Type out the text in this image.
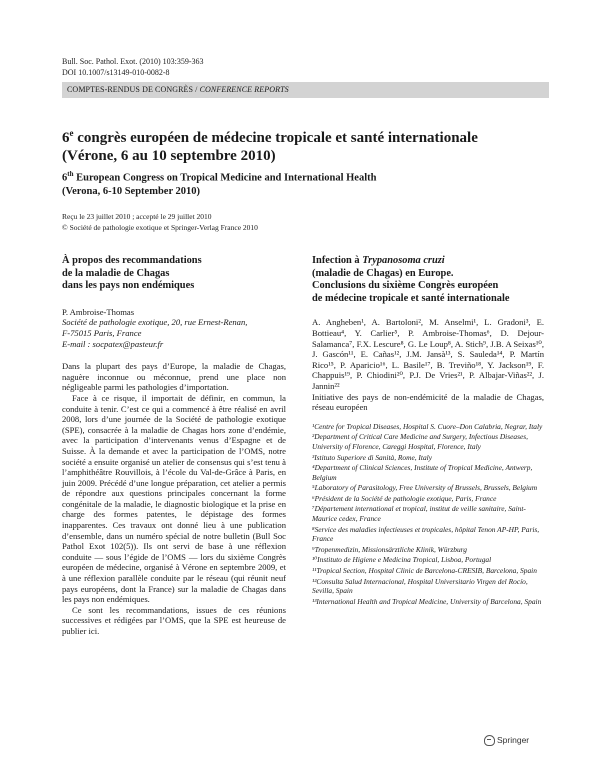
Bull. Soc. Pathol. Exot. (2010) 103:359-363
DOI 10.1007/s13149-010-0082-8
COMPTES-RENDUS DE CONGRÈS / CONFERENCE REPORTS
6e congrès européen de médecine tropicale et santé internationale
(Vérone, 6 au 10 septembre 2010)
6th European Congress on Tropical Medicine and International Health
(Verona, 6-10 September 2010)
Reçu le 23 juillet 2010 ; accepté le 29 juillet 2010
© Société de pathologie exotique et Springer-Verlag France 2010
À propos des recommandations
de la maladie de Chagas
dans les pays non endémiques
P. Ambroise-Thomas
Société de pathologie exotique, 20, rue Ernest-Renan,
F-75015 Paris, France
E-mail : socpatex@pasteur.fr

Dans la plupart des pays d’Europe, la maladie de Chagas, naguère inconnue ou méconnue, prend une place non négligeable parmi les pathologies d’importation.

Face à ce risque, il importait de définir, en commun, la conduite à tenir. C’est ce qui a commencé à être réalisé en avril 2008, lors d’une journée de la Société de pathologie exotique (SPE), consacrée à la maladie de Chagas hors zone d’endémie, avec la participation d’intervenants venus d’Espagne et de Suisse. À la demande et avec la participation de l’OMS, notre société a ensuite organisé un atelier de consensus qui s’est tenu à l’amphithéâtre Rouvillois, à l’école du Val-de-Grâce à Paris, en juin 2009. Précédé d’une longue préparation, cet atelier a permis de répondre aux questions principales concernant la forme congénitale de la maladie, le diagnostic biologique et la prise en charge des formes patentes, le dépistage des formes inapparentes. Ces travaux ont donné lieu à une publication d’ensemble, dans un numéro spécial de notre bulletin (Bull Soc Pathol Exot 102(5)). Ils ont servi de base à une réflexion conduite — sous l’égide de l’OMS — lors du sixième Congrès européen de médecine, organisé à Vérone en septembre 2009, et à une réflexion parallèle conduite par le réseau (qui réunit neuf pays européens, dont la France) sur la maladie de Chagas dans les pays non endémiques.

Ce sont les recommandations, issues de ces réunions successives et rédigées par l’OMS, que la SPE est heureuse de publier ici.

Infection à Trypanosoma cruzi
(maladie de Chagas) en Europe.
Conclusions du sixième Congrès européen
de médecine tropicale et santé internationale

A. Angheben¹, A. Bartoloni², M. Anselmi¹, L. Gradoni³, E. Bottieau⁴, Y. Carlier⁵, P. Ambroise-Thomas⁶, D. Dejour-Salamanca⁷, F.X. Lescure⁸, G. Le Loup⁸, A. Stich⁹, J.B. A Seixas¹⁰, J. Gascón¹¹, E. Cañas¹², J.M. Jansà¹³, S. Sauleda¹⁴, P. Martín Rico¹⁵, P. Aparicio¹⁶, L. Basile¹⁷, B. Treviño¹⁸, Y. Jackson¹⁹, F. Chappuis¹⁹, P. Chiodini²⁰, P.J. De Vries²¹, P. Albajar-Viñas²², J. Jannin²²

Initiative des pays de non-endémicité de la maladie de Chagas, réseau européen

¹Centre for Tropical Diseases, Hospital S. Cuore–Don Calabria, Negrar, Italy
²Department of Critical Care Medicine and Surgery, Infectious Diseases, University of Florence, Careggi Hospital, Florence, Italy
³Istituto Superiore di Sanità, Rome, Italy
⁴Department of Clinical Sciences, Institute of Tropical Medicine, Antwerp, Belgium
⁵Laboratory of Parasitology, Free University of Brussels, Brussels, Belgium
⁶Président de la Société de pathologie exotique, Paris, France
⁷Département international et tropical, institut de veille sanitaire, Saint-Maurice cedex, France
⁸Service des maladies infectieuses et tropicales, hôpital Tenon AP-HP, Paris, France
⁹Tropenmedizin, Missionsärztliche Klinik, Würzburg
¹⁰Instituto de Higiene e Medicina Tropical, Lisboa, Portugal
¹¹Tropical Section, Hospital Clinic de Barcelona-CRESIB, Barcelona, Spain
¹²Consulta Salud Internacional, Hospital Universitario Virgen del Rocío, Sevilla, Spain
¹³International Health and Tropical Medicine, University of Barcelona, Spain
Springer
